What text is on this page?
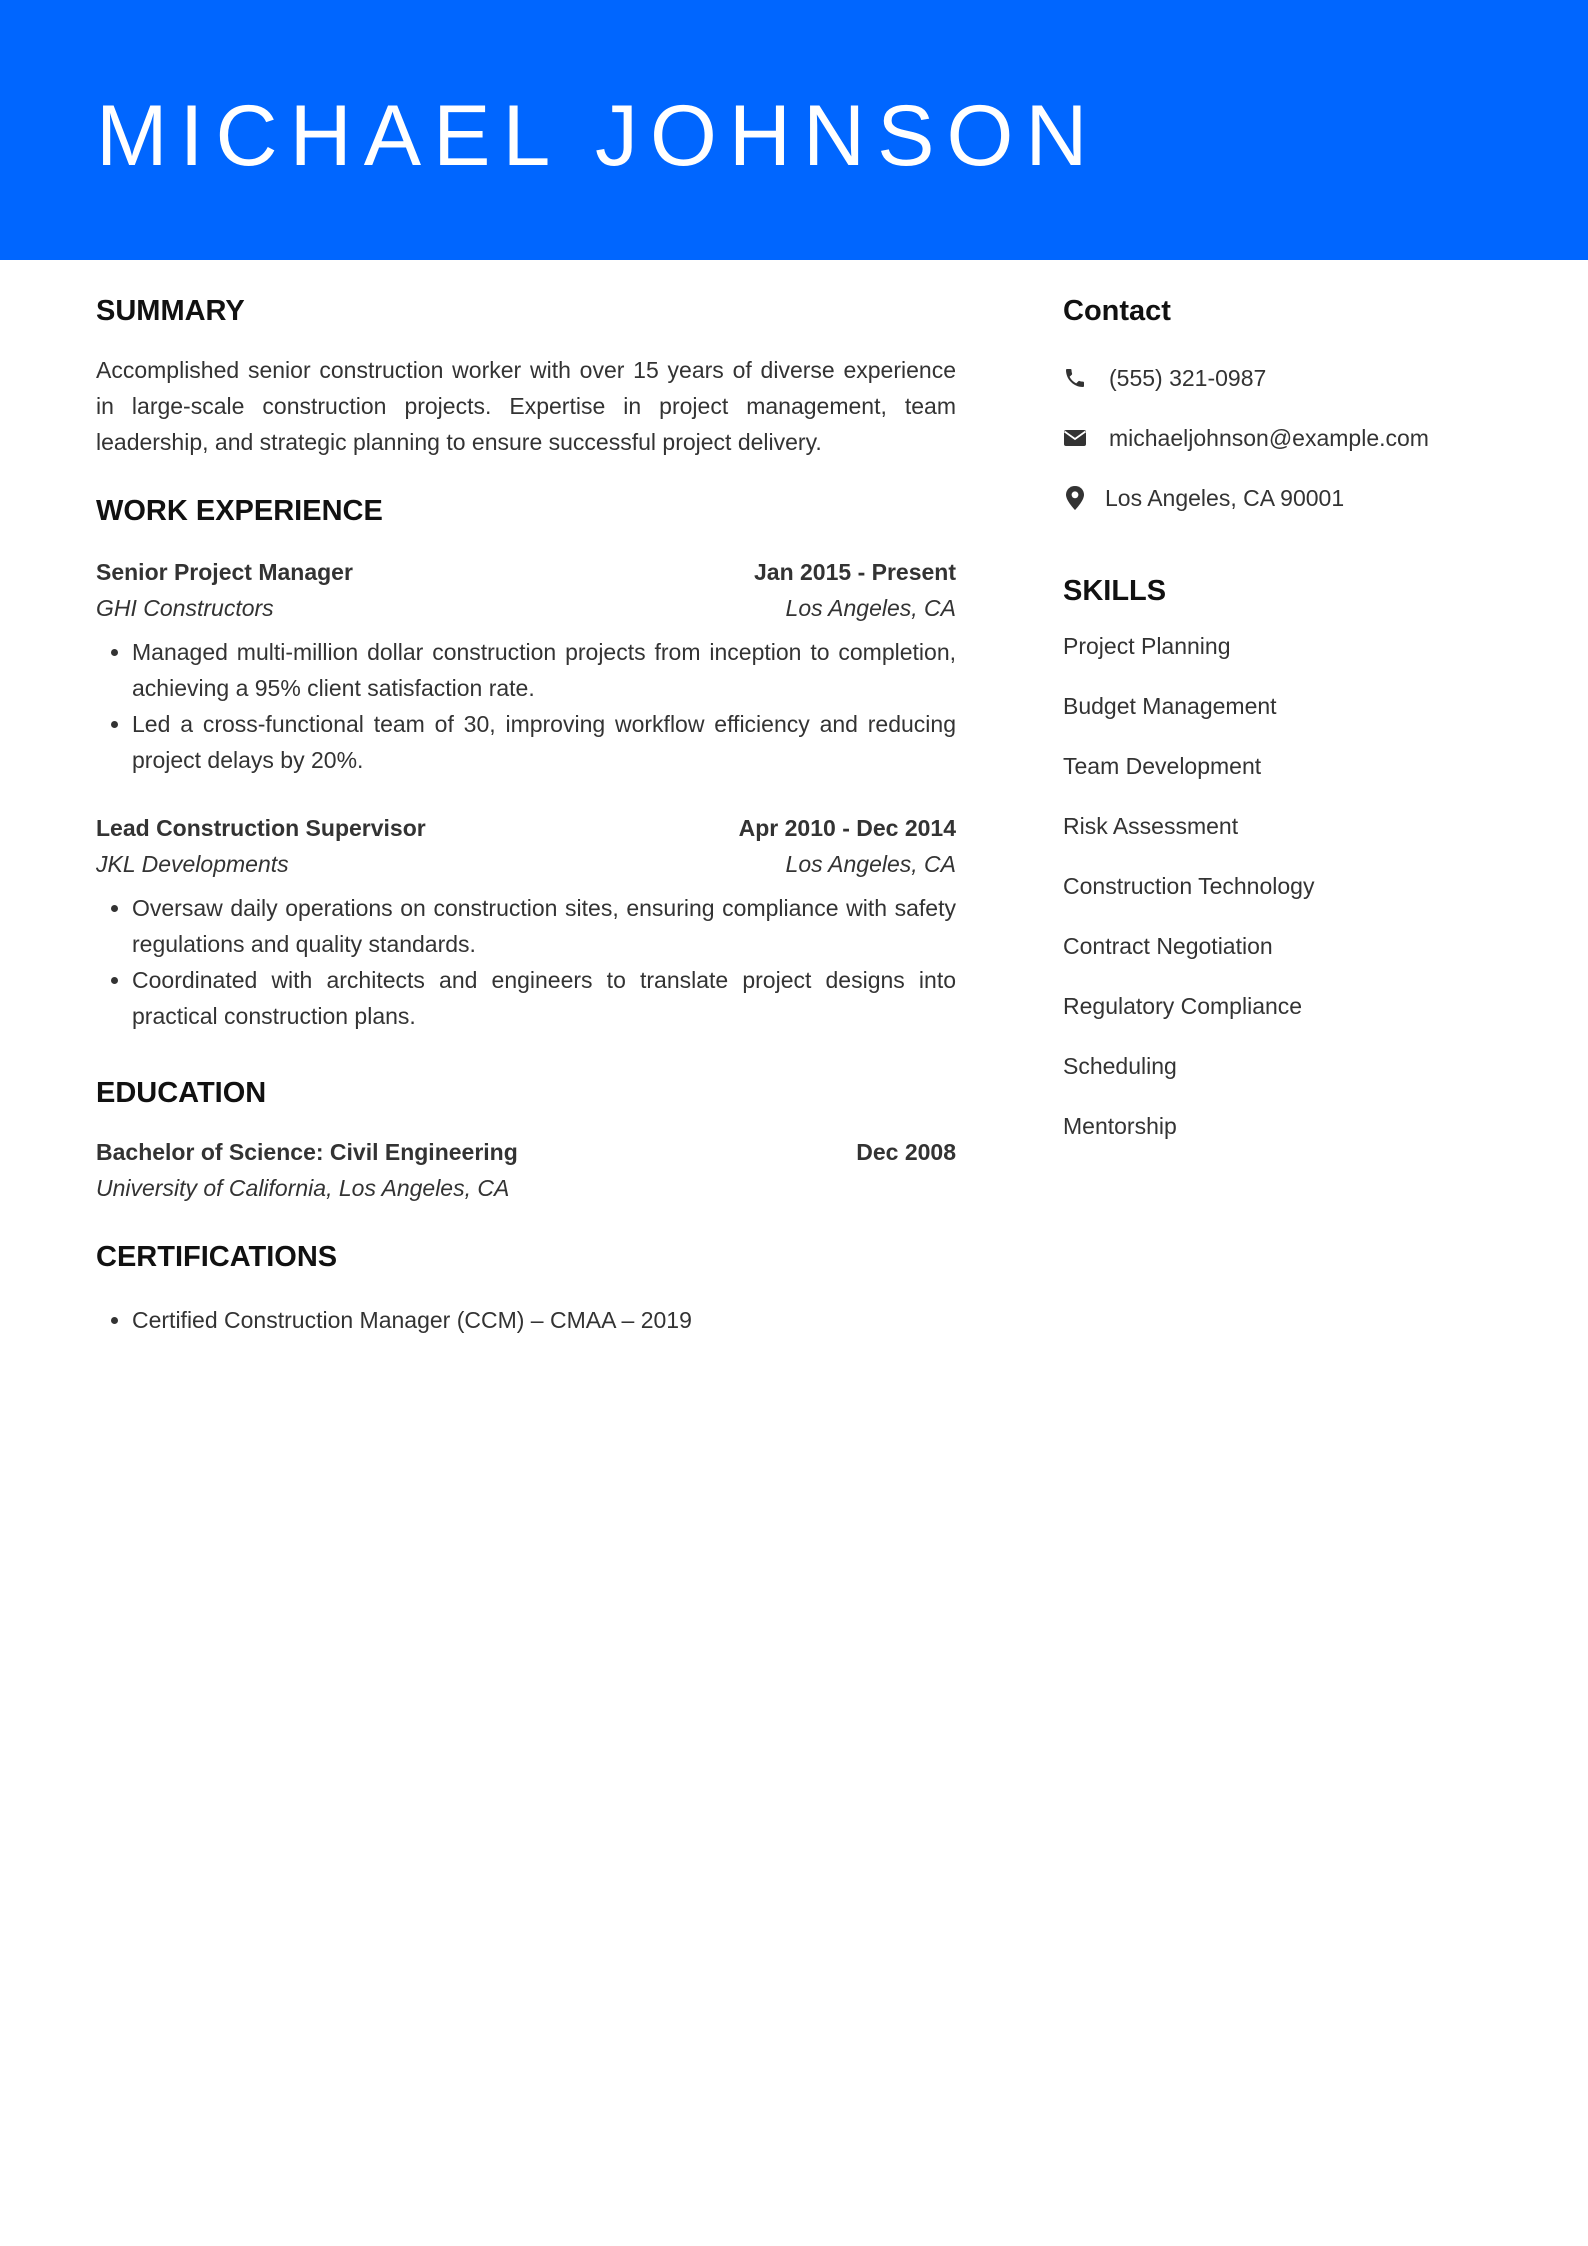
MICHAEL JOHNSON
SUMMARY
Accomplished senior construction worker with over 15 years of diverse experience in large-scale construction projects. Expertise in project management, team leadership, and strategic planning to ensure successful project delivery.
WORK EXPERIENCE
Senior Project Manager	Jan 2015 - Present
GHI Constructors	Los Angeles, CA
• Managed multi-million dollar construction projects from inception to completion, achieving a 95% client satisfaction rate.
• Led a cross-functional team of 30, improving workflow efficiency and reducing project delays by 20%.
Lead Construction Supervisor	Apr 2010 - Dec 2014
JKL Developments	Los Angeles, CA
• Oversaw daily operations on construction sites, ensuring compliance with safety regulations and quality standards.
• Coordinated with architects and engineers to translate project designs into practical construction plans.
EDUCATION
Bachelor of Science: Civil Engineering	Dec 2008
University of California, Los Angeles, CA
CERTIFICATIONS
• Certified Construction Manager (CCM) – CMAA – 2019
Contact
(555) 321-0987
michaeljohnson@example.com
Los Angeles, CA 90001
SKILLS
Project Planning
Budget Management
Team Development
Risk Assessment
Construction Technology
Contract Negotiation
Regulatory Compliance
Scheduling
Mentorship
